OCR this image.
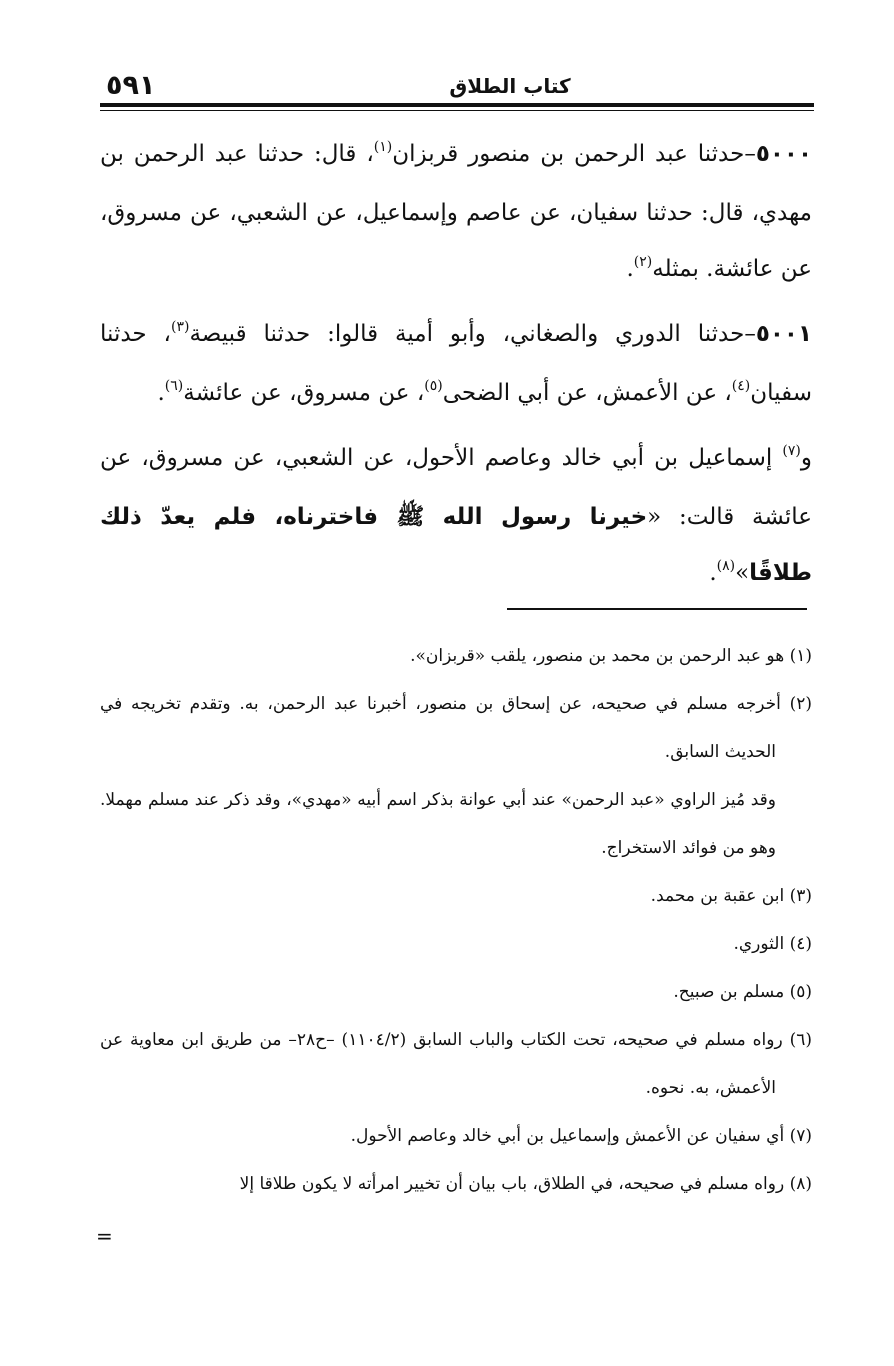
٥٩١	كتاب الطلاق

٥٠٠٠–حدثنا عبد الرحمن بن منصور قربزان$^{(١)}$، قال: حدثنا عبد الرحمن بن مهدي، قال: حدثنا سفيان، عن عاصم وإسماعيل، عن الشعبي، عن مسروق، عن عائشة. بمثله$^{(٢)}$.

٥٠٠١–حدثنا الدوري والصغاني، وأبو أمية قالوا: حدثنا قبيصة$^{(٣)}$، حدثنا سفيان$^{(٤)}$، عن الأعمش، عن أبي الضحى$^{(٥)}$، عن مسروق، عن عائشة$^{(٦)}$.

و$^{(٧)}$ إسماعيل بن أبي خالد وعاصم الأحول، عن الشعبي، عن مسروق، عن عائشة قالت: «خيرنا رسول الله ﷺ فاخترناه، فلم يعدّ ذلك طلاقًا»$^{(٨)}$.

(١) هو عبد الرحمن بن محمد بن منصور، يلقب «قربزان».

(٢) أخرجه مسلم في صحيحه، عن إسحاق بن منصور، أخبرنا عبد الرحمن، به. وتقدم تخريجه في الحديث السابق.

وقد مُيز الراوي «عبد الرحمن» عند أبي عوانة بذكر اسم أبيه «مهدي»، وقد ذكر عند مسلم مهملا. وهو من فوائد الاستخراج.

(٣) ابن عقبة بن محمد.

(٤) الثوري.

(٥) مسلم بن صبيح.

(٦) رواه مسلم في صحيحه، تحت الكتاب والباب السابق (١١٠٤/٢) –ح٢٨– من طريق ابن معاوية عن الأعمش، به. نحوه.

(٧) أي سفيان عن الأعمش وإسماعيل بن أبي خالد وعاصم الأحول.

(٨) رواه مسلم في صحيحه، في الطلاق، باب بيان أن تخيير امرأته لا يكون طلاقا إلا

=
